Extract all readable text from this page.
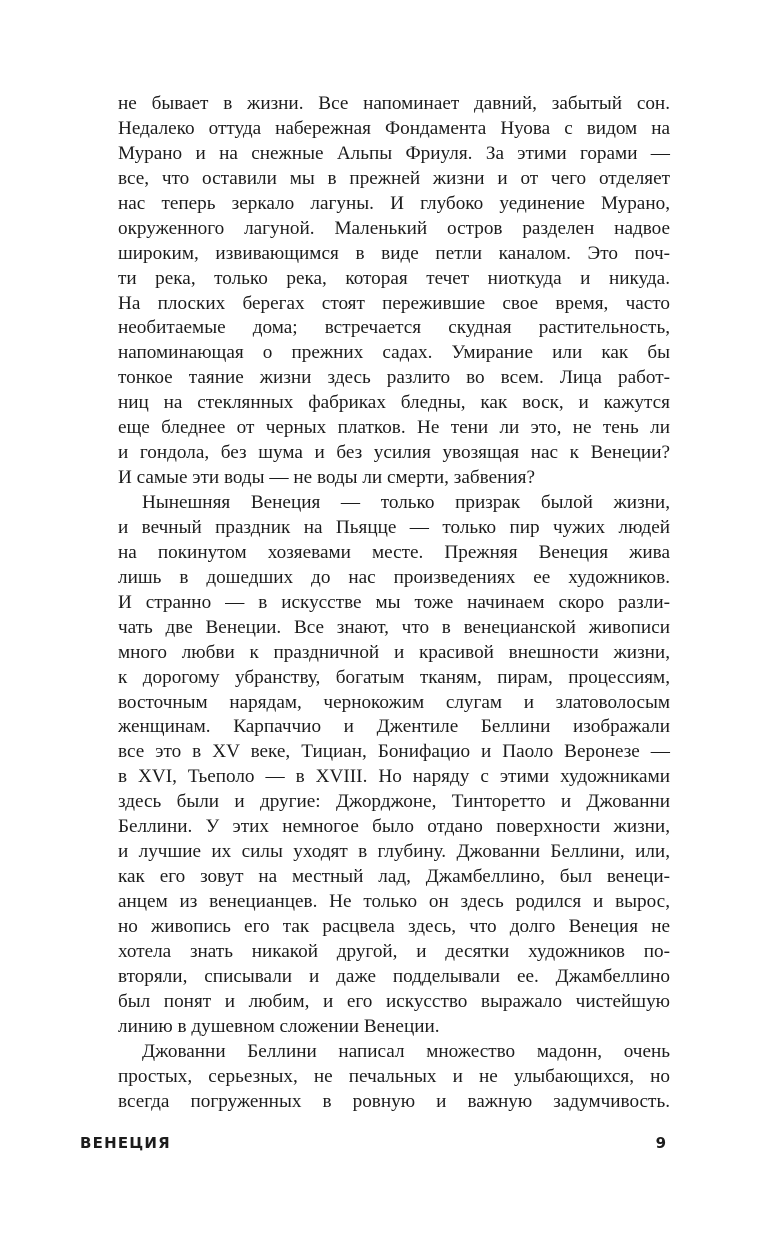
не бывает в жизни. Все напоминает давний, забытый сон.
Недалеко оттуда набережная Фондамента Нуова с видом на
Мурано и на снежные Альпы Фриуля. За этими горами —
все, что оставили мы в прежней жизни и от чего отделяет
нас теперь зеркало лагуны. И глубоко уединение Мурано,
окруженного лагуной. Маленький остров разделен надвое
широким, извивающимся в виде петли каналом. Это поч-
ти река, только река, которая течет ниоткуда и никуда.
На плоских берегах стоят пережившие свое время, часто
необитаемые дома; встречается скудная растительность,
напоминающая о прежних садах. Умирание или как бы
тонкое таяние жизни здесь разлито во всем. Лица работ-
ниц на стеклянных фабриках бледны, как воск, и кажутся
еще бледнее от черных платков. Не тени ли это, не тень ли
и гондола, без шума и без усилия увозящая нас к Венеции?
И самые эти воды — не воды ли смерти, забвения?
Нынешняя Венеция — только призрак былой жизни,
и вечный праздник на Пьяцце — только пир чужих людей
на покинутом хозяевами месте. Прежняя Венеция жива
лишь в дошедших до нас произведениях ее художников.
И странно — в искусстве мы тоже начинаем скоро разли-
чать две Венеции. Все знают, что в венецианской живописи
много любви к праздничной и красивой внешности жизни,
к дорогому убранству, богатым тканям, пирам, процессиям,
восточным нарядам, чернокожим слугам и златоволосым
женщинам. Карпаччио и Джентиле Беллини изображали
все это в XV веке, Тициан, Бонифацио и Паоло Веронезе —
в XVI, Тьеполо — в XVIII. Но наряду с этими художниками
здесь были и другие: Джорджоне, Тинторетто и Джованни
Беллини. У этих немногое было отдано поверхности жизни,
и лучшие их силы уходят в глубину. Джованни Беллини, или,
как его зовут на местный лад, Джамбеллино, был венеци-
анцем из венецианцев. Не только он здесь родился и вырос,
но живопись его так расцвела здесь, что долго Венеция не
хотела знать никакой другой, и десятки художников по-
вторяли, списывали и даже подделывали ее. Джамбеллино
был понят и любим, и его искусство выражало чистейшую
линию в душевном сложении Венеции.
Джованни Беллини написал множество мадонн, очень
простых, серьезных, не печальных и не улыбающихся, но
всегда погруженных в ровную и важную задумчивость.
ВЕНЕЦИЯ	9
